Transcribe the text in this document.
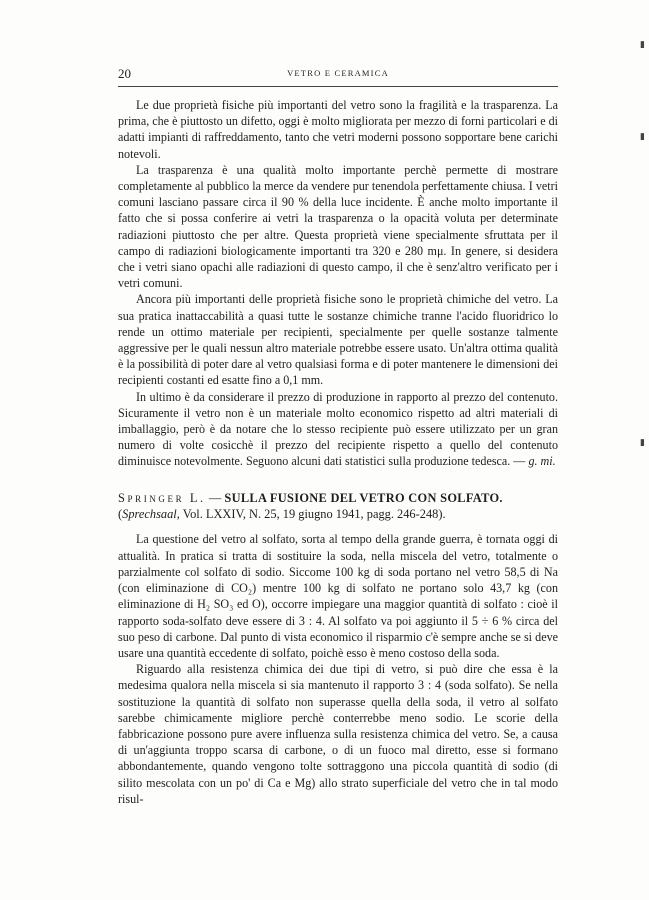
20	VETRO E CERAMICA

Le due proprietà fisiche più importanti del vetro sono la fragilità e la trasparenza. La prima, che è piuttosto un difetto, oggi è molto migliorata per mezzo di forni particolari e di adatti impianti di raffreddamento, tanto che vetri moderni possono sopportare bene carichi notevoli.

La trasparenza è una qualità molto importante perchè permette di mostrare completamente al pubblico la merce da vendere pur tenendola perfettamente chiusa. I vetri comuni lasciano passare circa il 90 % della luce incidente. È anche molto importante il fatto che si possa conferire ai vetri la trasparenza o la opacità voluta per determinate radiazioni piuttosto che per altre. Questa proprietà viene specialmente sfruttata per il campo di radiazioni biologicamente importanti tra 320 e 280 mμ. In genere, si desidera che i vetri siano opachi alle radiazioni di questo campo, il che è senz'altro verificato per i vetri comuni.

Ancora più importanti delle proprietà fisiche sono le proprietà chimiche del vetro. La sua pratica inattaccabilità a quasi tutte le sostanze chimiche tranne l'acido fluoridrico lo rende un ottimo materiale per recipienti, specialmente per quelle sostanze talmente aggressive per le quali nessun altro materiale potrebbe essere usato. Un'altra ottima qualità è la possibilità di poter dare al vetro qualsiasi forma e di poter mantenere le dimensioni dei recipienti costanti ed esatte fino a 0,1 mm.

In ultimo è da considerare il prezzo di produzione in rapporto al prezzo del contenuto. Sicuramente il vetro non è un materiale molto economico rispetto ad altri materiali di imballaggio, però è da notare che lo stesso recipiente può essere utilizzato per un gran numero di volte cosicchè il prezzo del recipiente rispetto a quello del contenuto diminuisce notevolmente. Seguono alcuni dati statistici sulla produzione tedesca. — g. mi.

Springer L. — SULLA FUSIONE DEL VETRO CON SOLFATO.
(Sprechsaal, Vol. LXXIV, N. 25, 19 giugno 1941, pagg. 246-248).

La questione del vetro al solfato, sorta al tempo della grande guerra, è tornata oggi di attualità. In pratica si tratta di sostituire la soda, nella miscela del vetro, totalmente o parzialmente col solfato di sodio. Siccome 100 kg di soda portano nel vetro 58,5 di Na (con eliminazione di CO₂) mentre 100 kg di solfato ne portano solo 43,7 kg (con eliminazione di H₂ SO₃ ed O), occorre impiegare una maggior quantità di solfato : cioè il rapporto soda-solfato deve essere di 3 : 4. Al solfato va poi aggiunto il 5 ÷ 6 % circa del suo peso di carbone. Dal punto di vista economico il risparmio c'è sempre anche se si deve usare una quantità eccedente di solfato, poichè esso è meno costoso della soda.

Riguardo alla resistenza chimica dei due tipi di vetro, si può dire che essa è la medesima qualora nella miscela si sia mantenuto il rapporto 3 : 4 (soda solfato). Se nella sostituzione la quantità di solfato non superasse quella della soda, il vetro al solfato sarebbe chimicamente migliore perchè conterrebbe meno sodio. Le scorie della fabbricazione possono pure avere influenza sulla resistenza chimica del vetro. Se, a causa di un'aggiunta troppo scarsa di carbone, o di un fuoco mal diretto, esse si formano abbondantemente, quando vengono tolte sottraggono una piccola quantità di sodio (di silito mescolata con un po' di Ca e Mg) allo strato superficiale del vetro che in tal modo risul-

▮
▮
▮
